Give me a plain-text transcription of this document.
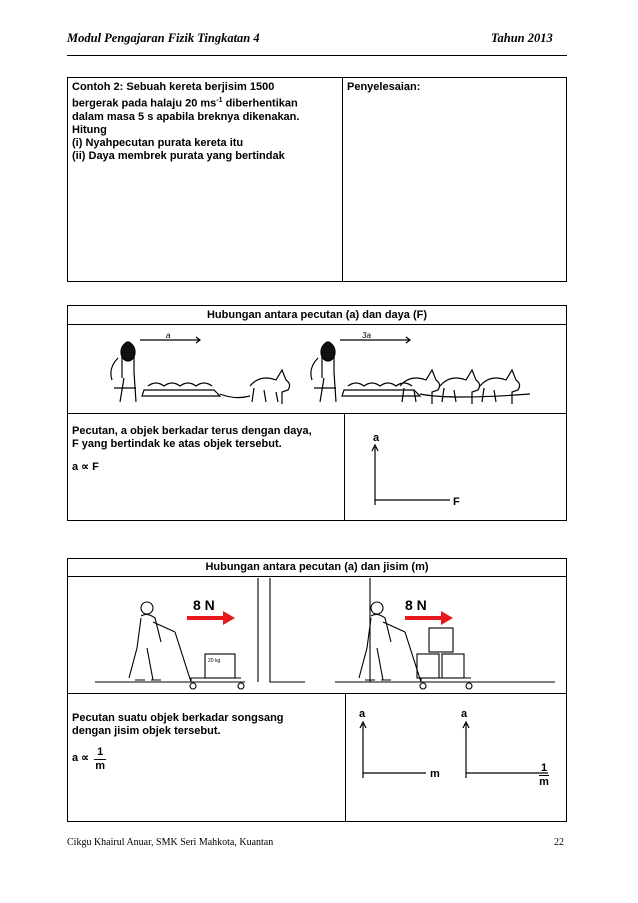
Modul Pengajaran Fizik Tingkatan 4	Tahun 2013
Contoh 2: Sebuah kereta berjisim 1500
bergerak pada halaju 20 $ms^{-1}$ diberhentikan
dalam masa 5 s apabila breknya dikenakan.
Hitung
(i) Nyahpecutan purata kereta itu
(ii) Daya membrek purata yang bertindak
Penyelesaian:
Hubungan antara pecutan (a) dan daya (F)
a	3a
Pecutan, a objek berkadar terus dengan daya,
F yang bertindak ke atas objek tersebut.
a ∝ F
a
F
Hubungan antara pecutan (a) dan jisim (m)
8 N	8 N
20 kg
Pecutan suatu objek berkadar songsang
dengan jisim objek tersebut.
$a \propto \frac{1}{m}$
a
m
a
1
m
Cikgu Khairul Anuar, SMK Seri Mahkota, Kuantan	22
